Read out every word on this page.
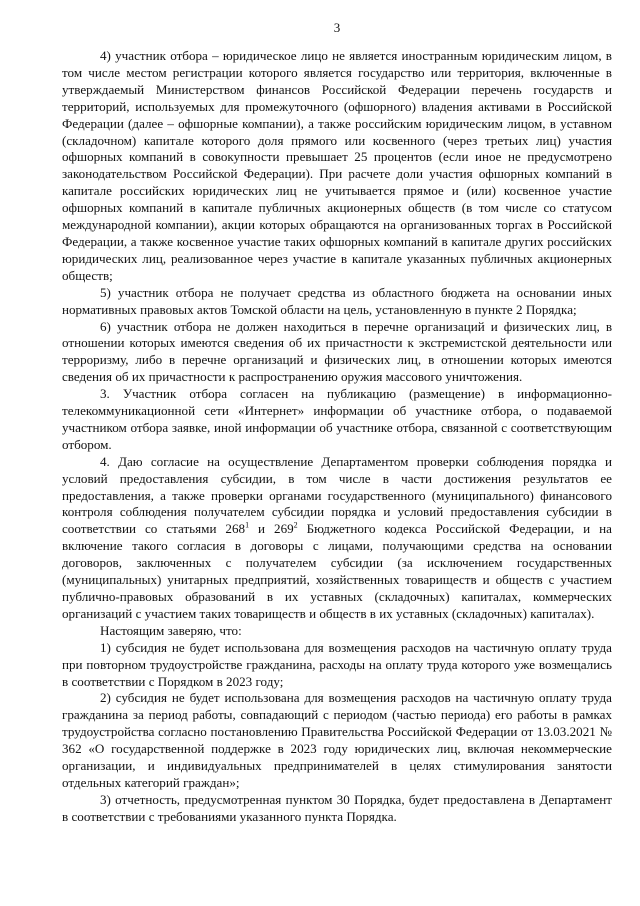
3

4) участник отбора – юридическое лицо не является иностранным юридическим лицом, в том числе местом регистрации которого является государство или территория, включенные в утверждаемый Министерством финансов Российской Федерации перечень государств и территорий, используемых для промежуточного (офшорного) владения активами в Российской Федерации (далее – офшорные компании), а также российским юридическим лицом, в уставном (складочном) капитале которого доля прямого или косвенного (через третьих лиц) участия офшорных компаний в совокупности превышает 25 процентов (если иное не предусмотрено законодательством Российской Федерации). При расчете доли участия офшорных компаний в капитале российских юридических лиц не учитывается прямое и (или) косвенное участие офшорных компаний в капитале публичных акционерных обществ (в том числе со статусом международной компании), акции которых обращаются на организованных торгах в Российской Федерации, а также косвенное участие таких офшорных компаний в капитале других российских юридических лиц, реализованное через участие в капитале указанных публичных акционерных обществ;

5) участник отбора не получает средства из областного бюджета на основании иных нормативных правовых актов Томской области на цель, установленную в пункте 2 Порядка;

6) участник отбора не должен находиться в перечне организаций и физических лиц, в отношении которых имеются сведения об их причастности к экстремистской деятельности или терроризму, либо в перечне организаций и физических лиц, в отношении которых имеются сведения об их причастности к распространению оружия массового уничтожения.

3. Участник отбора согласен на публикацию (размещение) в информационно-телекоммуникационной сети «Интернет» информации об участнике отбора, о подаваемой участником отбора заявке, иной информации об участнике отбора, связанной с соответствующим отбором.

4. Даю согласие на осуществление Департаментом проверки соблюдения порядка и условий предоставления субсидии, в том числе в части достижения результатов ее предоставления, а также проверки органами государственного (муниципального) финансового контроля соблюдения получателем субсидии порядка и условий предоставления субсидии в соответствии со статьями $268^1$ и $269^2$ Бюджетного кодекса Российской Федерации, и на включение такого согласия в договоры с лицами, получающими средства на основании договоров, заключенных с получателем субсидии (за исключением государственных (муниципальных) унитарных предприятий, хозяйственных товариществ и обществ с участием публично-правовых образований в их уставных (складочных) капиталах, коммерческих организаций с участием таких товариществ и обществ в их уставных (складочных) капиталах).

Настоящим заверяю, что:

1) субсидия не будет использована для возмещения расходов на частичную оплату труда при повторном трудоустройстве гражданина, расходы на оплату труда которого уже возмещались в соответствии с Порядком в 2023 году;

2) субсидия не будет использована для возмещения расходов на частичную оплату труда гражданина за период работы, совпадающий с периодом (частью периода) его работы в рамках трудоустройства согласно постановлению Правительства Российской Федерации от 13.03.2021 № 362 «О государственной поддержке в 2023 году юридических лиц, включая некоммерческие организации, и индивидуальных предпринимателей в целях стимулирования занятости отдельных категорий граждан»;

3) отчетность, предусмотренная пунктом 30 Порядка, будет предоставлена в Департамент в соответствии с требованиями указанного пункта Порядка.
